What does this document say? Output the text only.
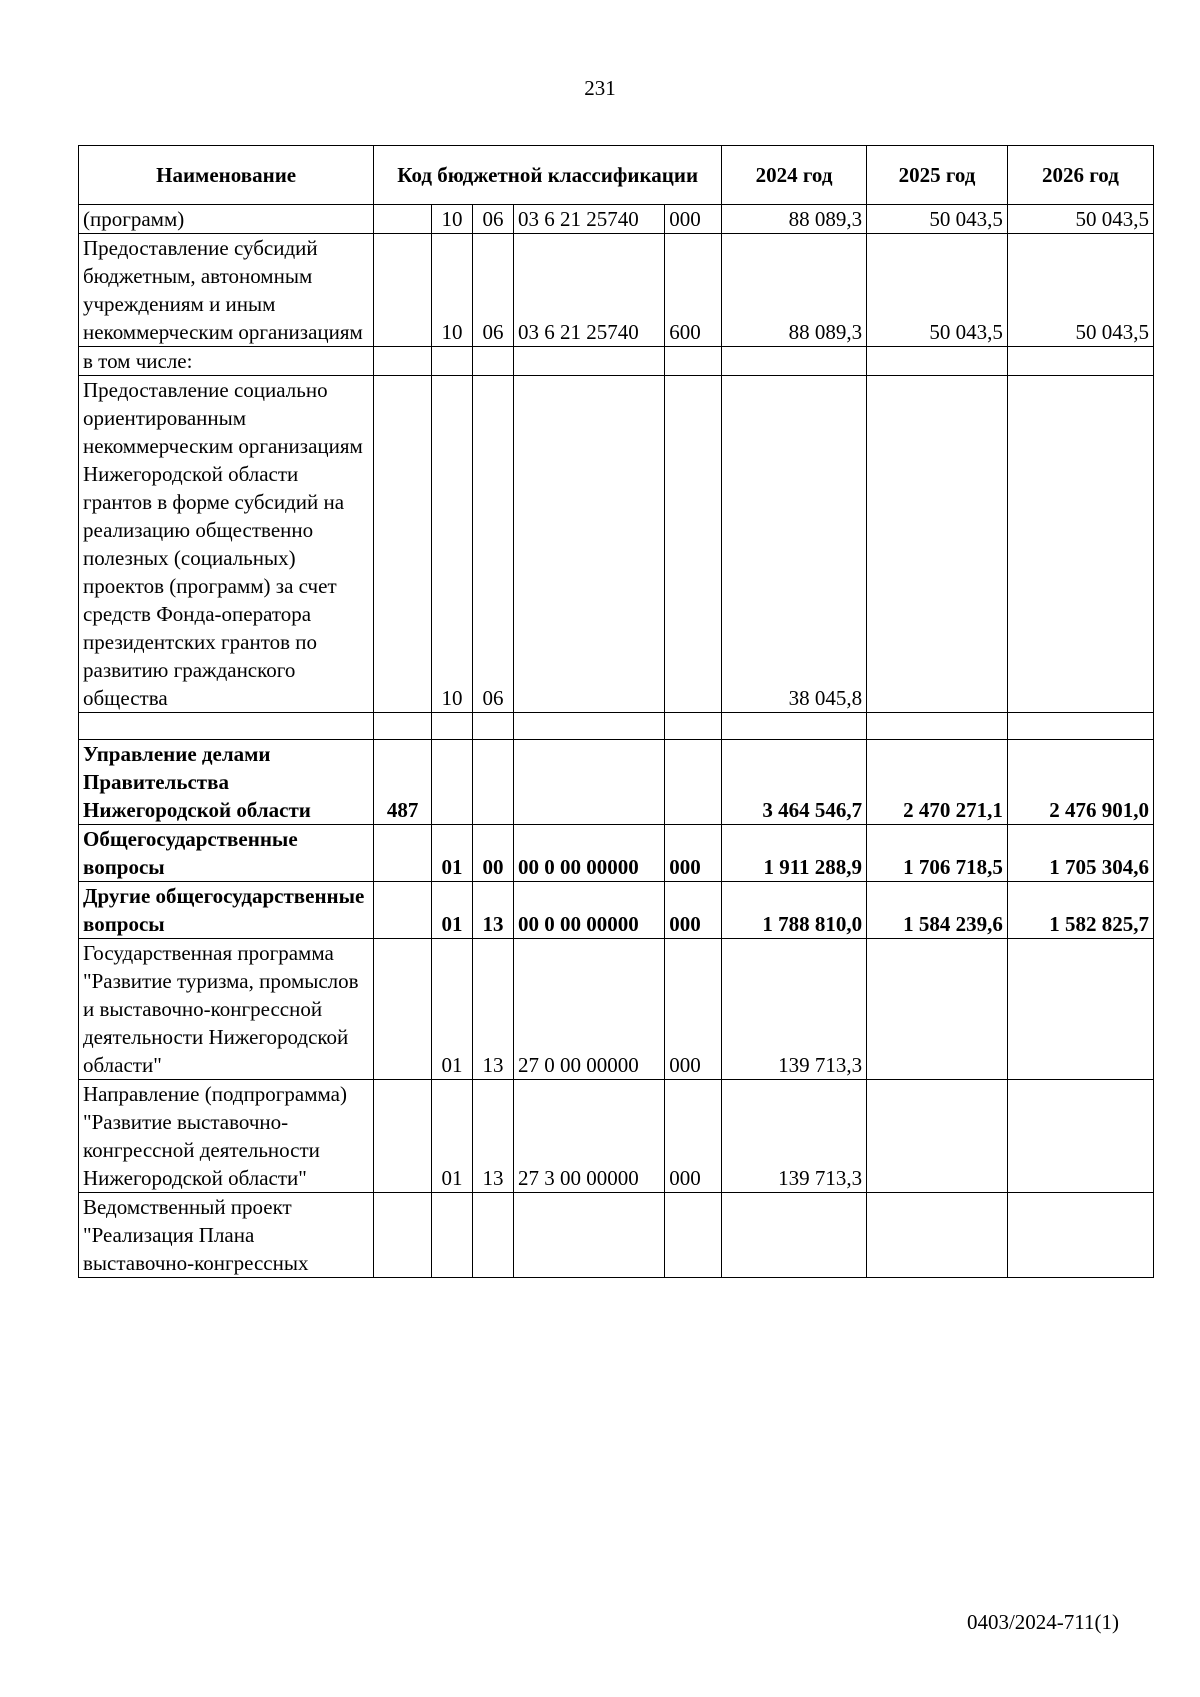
231
Наименование	Код бюджетной классификации					2024 год	2025 год	2026 год
(программ)		10	06	03 6 21 25740	000	88 089,3	50 043,5	50 043,5
Предоставление субсидий бюджетным, автономным учреждениям и иным некоммерческим организациям		10	06	03 6 21 25740	600	88 089,3	50 043,5	50 043,5
в том числе:								
Предоставление социально ориентированным некоммерческим организациям Нижегородской области грантов в форме субсидий на реализацию общественно полезных (социальных) проектов (программ) за счет средств Фонда-оператора президентских грантов по развитию гражданского общества		10	06			38 045,8		

Управление делами Правительства Нижегородской области	487					3 464 546,7	2 470 271,1	2 476 901,0
Общегосударственные вопросы		01	00	00 0 00 00000	000	1 911 288,9	1 706 718,5	1 705 304,6
Другие общегосударственные вопросы		01	13	00 0 00 00000	000	1 788 810,0	1 584 239,6	1 582 825,7
Государственная программа "Развитие туризма, промыслов и выставочно-конгрессной деятельности Нижегородской области"		01	13	27 0 00 00000	000	139 713,3		
Направление (подпрограмма) "Развитие выставочно-конгрессной деятельности Нижегородской области"		01	13	27 3 00 00000	000	139 713,3		
Ведомственный проект "Реализация Плана выставочно-конгрессных								
0403/2024-711(1)
